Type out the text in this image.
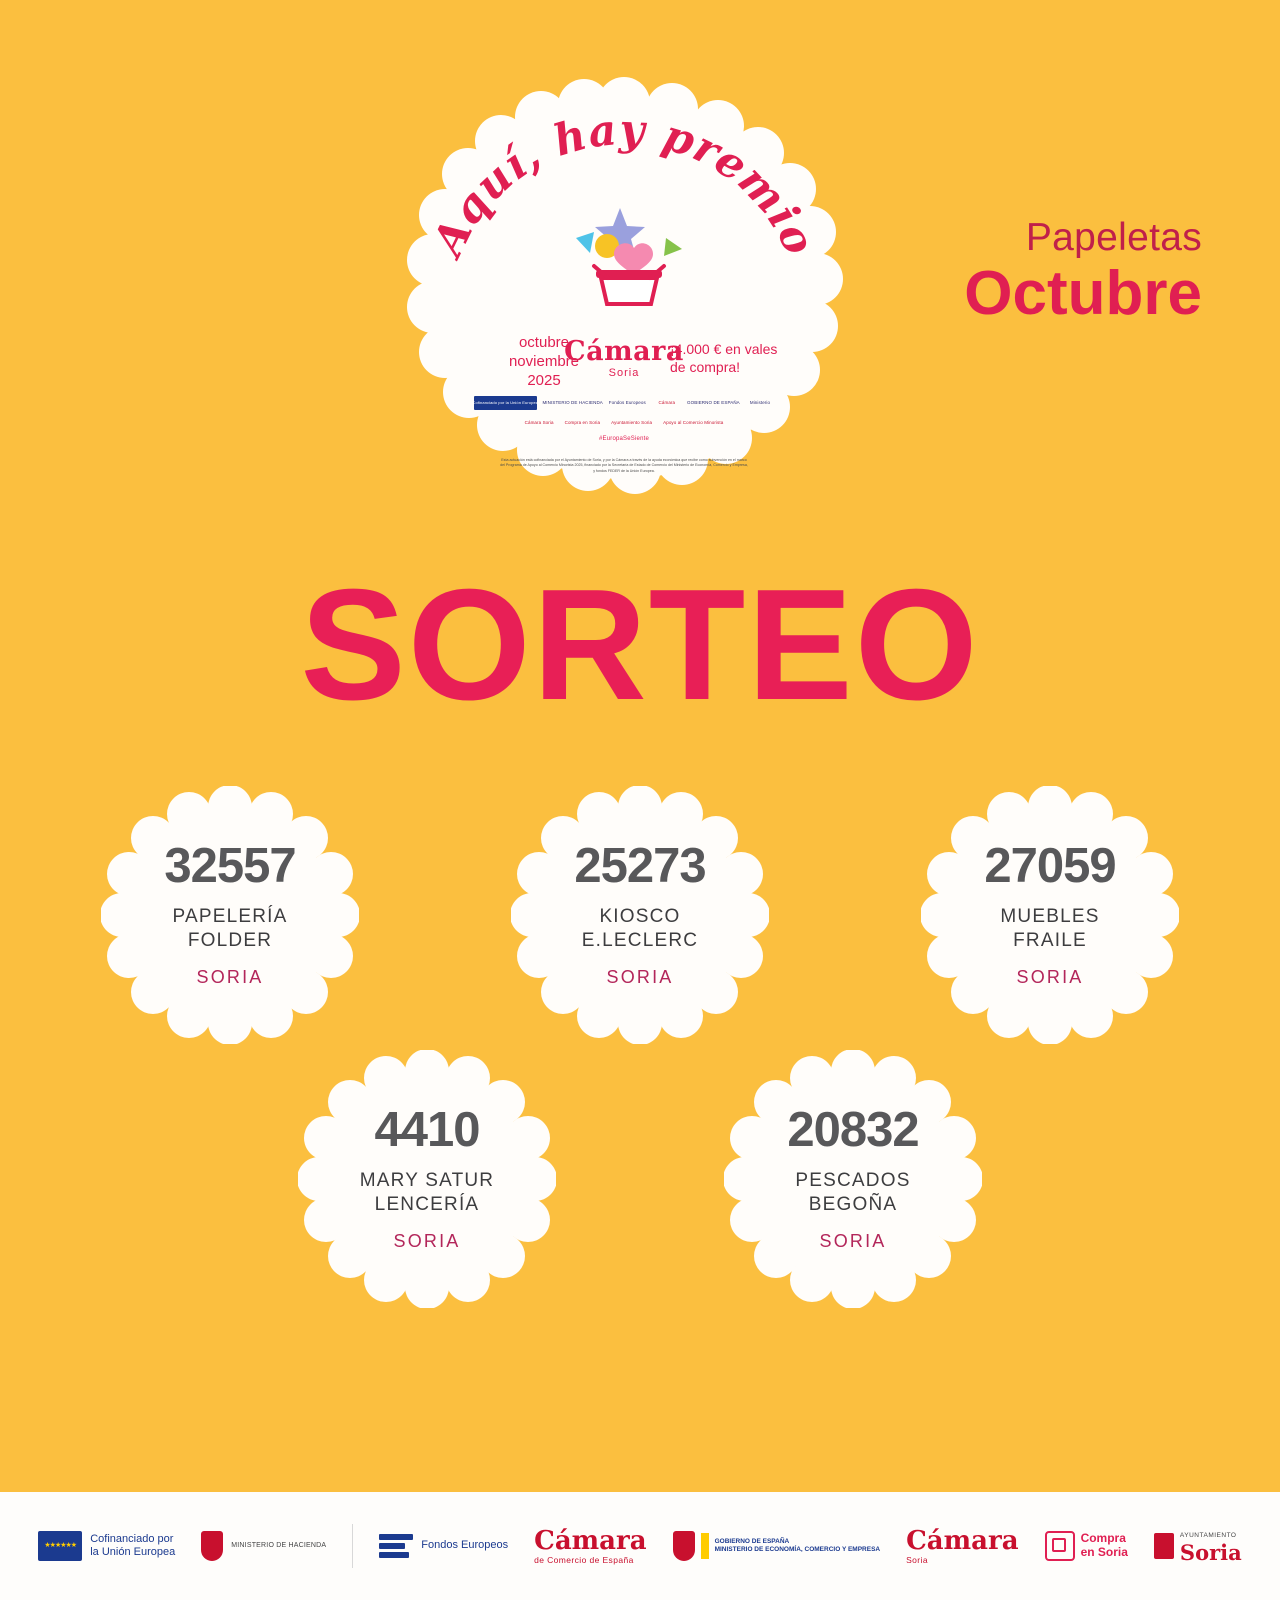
Aquí, hay premio
octubre
noviembre
2025
Cámara
Soria
¡4.000 € en vales
de compra!
Cofinanciado por la Unión Europea MINISTERIO DE HACIENDA Fondos Europeos	Cámara	GOBIERNO DE ESPAÑA	Ministerio
Cámara Soria	Compra en Soria	Ayuntamiento Soria	Apoyo al Comercio Minorista
#EuropaSeSiente
Esta actuación está cofinanciada por el Ayuntamiento de Soria, y por la Cámara a través de la ayuda económica que recibe como subvención en el marco del Programa de Apoyo al Comercio Minorista 2025, financiado por la Secretaría de Estado de Comercio del Ministerio de Economía, Comercio y Empresa, y fondos FEDER de la Unión Europea.
Papeletas
Octubre
SORTEO
32557
PAPELERÍA
FOLDER
SORIA
25273
KIOSCO
E.LECLERC
SORIA
27059
MUEBLES
FRAILE
SORIA
4410
MARY SATUR
LENCERÍA
SORIA
20832
PESCADOS
BEGOÑA
SORIA
★★★★★★
Cofinanciado por
la Unión Europea
MINISTERIO DE HACIENDA	Fondos Europeos Cámara
de Comercio de España
GOBIERNO DE ESPAÑA
MINISTERIO DE ECONOMÍA, COMERCIO Y EMPRESA Cámara
Soria
Compra
en Soria
AYUNTAMIENTO
Soria
